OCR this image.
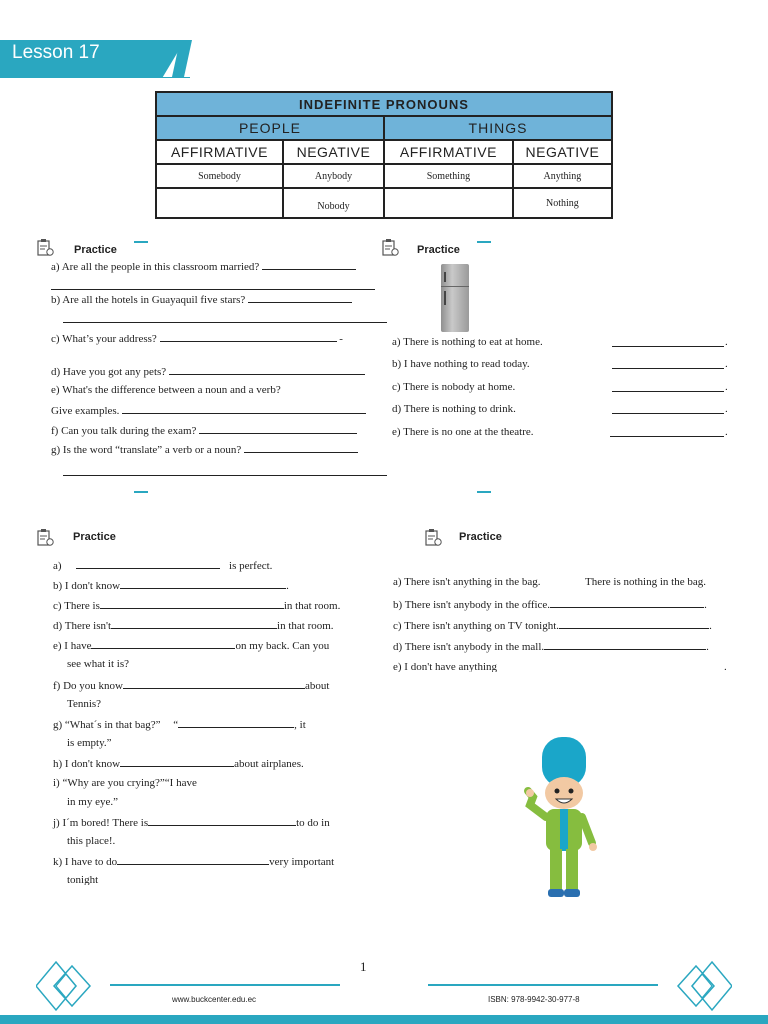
Lesson 17
INDEFINITE PRONOUNS			
PEOPLE		THINGS	
AFFIRMATIVE	NEGATIVE	AFFIRMATIVE	NEGATIVE
Somebody	Anybody	Something	Anything
	Nobody		Nothing
Practice
a) Are all the people in this classroom married?
b) Are all the hotels in Guayaquil five stars?
c) What’s your address?	-
d) Have you got any pets?
e) What's the difference between a noun and a verb?
Give examples.
f) Can you talk during the exam?
g) Is the word “translate” a verb or a noun?
Practice
a) There is nothing to eat at home.	.
b) I have nothing to read today.	.
c) There is nobody at home.	.
d) There is nothing to drink.	.
e) There is no one at the theatre.	.
Practice
a)	is perfect.
b) I don't know	.
c) There is	in that room.
d) There isn't	in that room.
e) I have	on my back. Can you
see what it is?
f) Do you know	about
Tennis?
g) “What´s in that bag?” “	, it
is empty.”
h) I don't know	about airplanes.
i) “Why are you crying?”“I have
in my eye.”
j) I´m bored! There is	to do in
this place!.
k) I have to do	very important
tonight
Practice
a) There isn't anything in the bag.	There is nothing in the bag.
b) There isn't anybody in the office.	.
c) There isn't anything on TV tonight.	.
d) There isn't anybody in the mall.	.
e) I don't have anything	.
1
www.buckcenter.edu.ec	ISBN: 978-9942-30-977-8
